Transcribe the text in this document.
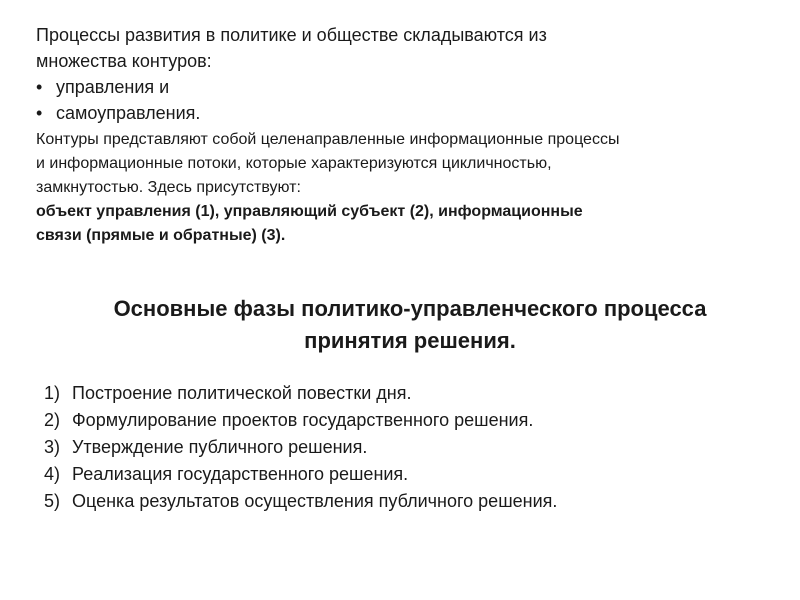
Процессы развития в политике и обществе складываются из
множества контуров:
• управления и
• самоуправления.
Контуры представляют собой целенаправленные информационные процессы
и информационные потоки, которые характеризуются цикличностью,
замкнутостью. Здесь присутствуют:
объект управления (1), управляющий субъект (2), информационные
связи (прямые и обратные) (3).
Основные фазы политико-управленческого процесса
принятия решения.
1) Построение политической повестки дня.
2) Формулирование проектов государственного решения.
3) Утверждение публичного решения.
4) Реализация государственного решения.
5) Оценка результатов осуществления публичного решения.
